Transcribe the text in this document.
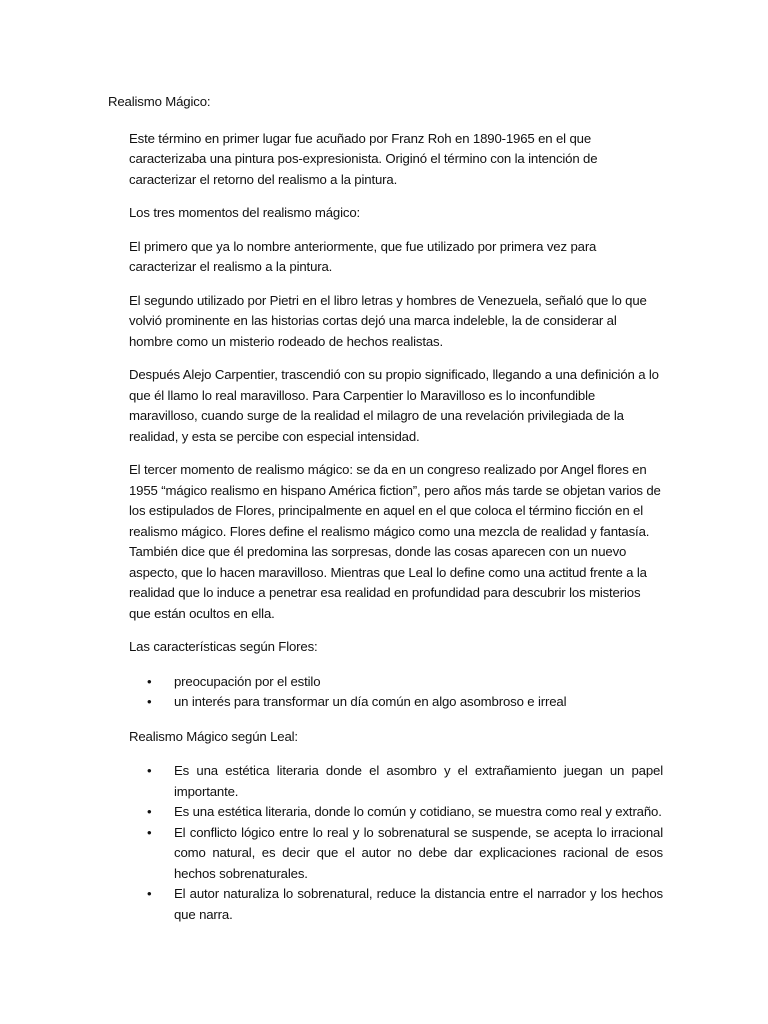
Realismo Mágico:

Este término en primer lugar fue acuñado por Franz Roh en 1890-1965 en el que caracterizaba una pintura pos-expresionista. Originó el término con la intención de caracterizar el retorno del realismo a la pintura.

Los tres momentos del realismo mágico:

El primero que ya lo nombre anteriormente, que fue utilizado por primera vez para caracterizar el realismo a la pintura.

El segundo utilizado por Pietri en el libro letras y hombres de Venezuela, señaló que lo que volvió prominente en las historias cortas dejó una marca indeleble, la de considerar al hombre como un misterio rodeado de hechos realistas.

Después Alejo Carpentier, trascendió con su propio significado, llegando a una definición a lo que él llamo lo real maravilloso. Para Carpentier lo Maravilloso es lo inconfundible maravilloso, cuando surge de la realidad el milagro de una revelación privilegiada de la realidad, y esta se percibe con especial intensidad.

El tercer momento de realismo mágico: se da en un congreso realizado por Angel flores en 1955 “mágico realismo en hispano América fiction”, pero años más tarde se objetan varios de los estipulados de Flores, principalmente en aquel en el que coloca el término ficción en el realismo mágico. Flores define el realismo mágico como una mezcla de realidad y fantasía. También dice que él predomina las sorpresas, donde las cosas aparecen con un nuevo aspecto, que lo hacen maravilloso. Mientras que Leal lo define como una actitud frente a la realidad que lo induce a penetrar esa realidad en profundidad para descubrir los misterios que están ocultos en ella.

Las características según Flores:

•	preocupación por el estilo
•	un interés para transformar un día común en algo asombroso e irreal

Realismo Mágico según Leal:

•	Es una estética literaria donde el asombro y el extrañamiento juegan un papel importante.
•	Es una estética literaria, donde lo común y cotidiano, se muestra como real y extraño.
•	El conflicto lógico entre lo real y lo sobrenatural se suspende, se acepta lo irracional como natural, es decir que el autor no debe dar explicaciones racional de esos hechos sobrenaturales.
•	El autor naturaliza lo sobrenatural, reduce la distancia entre el narrador y los hechos que narra.
